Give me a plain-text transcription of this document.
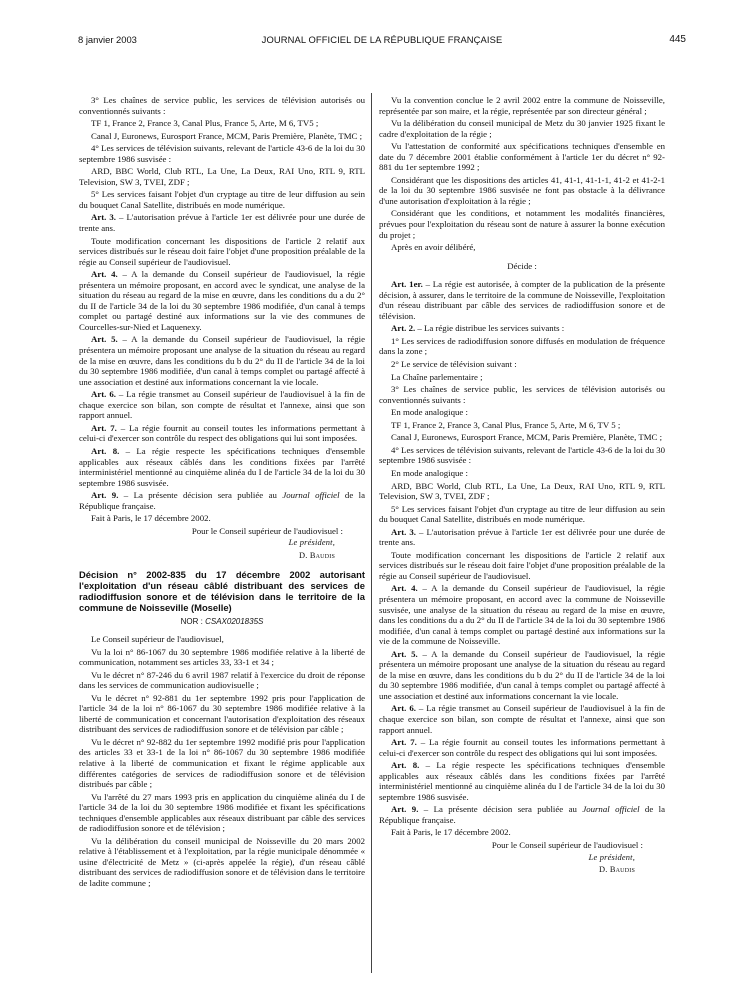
8 janvier 2003	JOURNAL OFFICIEL DE LA RÉPUBLIQUE FRANÇAISE	445

3° Les chaînes de service public, les services de télévision autorisés ou conventionnés suivants :

TF 1, France 2, France 3, Canal Plus, France 5, Arte, M 6, TV5 ;

Canal J, Euronews, Eurosport France, MCM, Paris Première, Planète, TMC ;

4° Les services de télévision suivants, relevant de l'article 43-6 de la loi du 30 septembre 1986 susvisée :

ARD, BBC World, Club RTL, La Une, La Deux, RAI Uno, RTL 9, RTL Television, SW 3, TVEI, ZDF ;

5° Les services faisant l'objet d'un cryptage au titre de leur diffusion au sein du bouquet Canal Satellite, distribués en mode numérique.

Art. 3. – L'autorisation prévue à l'article 1er est délivrée pour une durée de trente ans.

Toute modification concernant les dispositions de l'article 2 relatif aux services distribués sur le réseau doit faire l'objet d'une proposition préalable de la régie au Conseil supérieur de l'audiovisuel.

Art. 4. – A la demande du Conseil supérieur de l'audiovisuel, la régie présentera un mémoire proposant, en accord avec le syndicat, une analyse de la situation du réseau au regard de la mise en œuvre, dans les conditions du a du 2° du II de l'article 34 de la loi du 30 septembre 1986 modifiée, d'un canal à temps complet ou partagé destiné aux informations sur la vie des communes de Courcelles-sur-Nied et Laquenexy.

Art. 5. – A la demande du Conseil supérieur de l'audiovisuel, la régie présentera un mémoire proposant une analyse de la situation du réseau au regard de la mise en œuvre, dans les conditions du b du 2° du II de l'article 34 de la loi du 30 septembre 1986 modifiée, d'un canal à temps complet ou partagé affecté à une association et destiné aux informations concernant la vie locale.

Art. 6. – La régie transmet au Conseil supérieur de l'audiovisuel à la fin de chaque exercice son bilan, son compte de résultat et l'annexe, ainsi que son rapport annuel.

Art. 7. – La régie fournit au conseil toutes les informations permettant à celui-ci d'exercer son contrôle du respect des obligations qui lui sont imposées.

Art. 8. – La régie respecte les spécifications techniques d'ensemble applicables aux réseaux câblés dans les conditions fixées par l'arrêté interministériel mentionné au cinquième alinéa du I de l'article 34 de la loi du 30 septembre 1986 susvisée.

Art. 9. – La présente décision sera publiée au Journal officiel de la République française.

Fait à Paris, le 17 décembre 2002.

Pour le Conseil supérieur de l'audiovisuel :

Le président,

D. Baudis

Décision n° 2002-835 du 17 décembre 2002 autorisant l'exploitation d'un réseau câblé distribuant des services de radiodiffusion sonore et de télévision dans le territoire de la commune de Noisseville (Moselle)
NOR : CSAX0201835S

Le Conseil supérieur de l'audiovisuel,

Vu la loi n° 86-1067 du 30 septembre 1986 modifiée relative à la liberté de communication, notamment ses articles 33, 33-1 et 34 ;

Vu le décret n° 87-246 du 6 avril 1987 relatif à l'exercice du droit de réponse dans les services de communication audiovisuelle ;

Vu le décret n° 92-881 du 1er septembre 1992 pris pour l'application de l'article 34 de la loi n° 86-1067 du 30 septembre 1986 modifiée relative à la liberté de communication et concernant l'autorisation d'exploitation des réseaux distribuant des services de radiodiffusion sonore et de télévision par câble ;

Vu le décret n° 92-882 du 1er septembre 1992 modifié pris pour l'application des articles 33 et 33-1 de la loi n° 86-1067 du 30 septembre 1986 modifiée relative à la liberté de communication et fixant le régime applicable aux différentes catégories de services de radiodiffusion sonore et de télévision distribués par câble ;

Vu l'arrêté du 27 mars 1993 pris en application du cinquième alinéa du I de l'article 34 de la loi du 30 septembre 1986 modifiée et fixant les spécifications techniques d'ensemble applicables aux réseaux distribuant par câble des services de radiodiffusion sonore et de télévision ;

Vu la délibération du conseil municipal de Noisseville du 20 mars 2002 relative à l'établissement et à l'exploitation, par la régie municipale dénommée « usine d'électricité de Metz » (ci-après appelée la régie), d'un réseau câblé distribuant des services de radiodiffusion sonore et de télévision dans le territoire de ladite commune ;

Vu la convention conclue le 2 avril 2002 entre la commune de Noisseville, représentée par son maire, et la régie, représentée par son directeur général ;

Vu la délibération du conseil municipal de Metz du 30 janvier 1925 fixant le cadre d'exploitation de la régie ;

Vu l'attestation de conformité aux spécifications techniques d'ensemble en date du 7 décembre 2001 établie conformément à l'article 1er du décret n° 92-881 du 1er septembre 1992 ;

Considérant que les dispositions des articles 41, 41-1, 41-1-1, 41-2 et 41-2-1 de la loi du 30 septembre 1986 susvisée ne font pas obstacle à la délivrance d'une autorisation d'exploitation à la régie ;

Considérant que les conditions, et notamment les modalités financières, prévues pour l'exploitation du réseau sont de nature à assurer la bonne exécution du projet ;

Après en avoir délibéré,

Décide :

Art. 1er. – La régie est autorisée, à compter de la publication de la présente décision, à assurer, dans le territoire de la commune de Noisseville, l'exploitation d'un réseau distribuant par câble des services de radiodiffusion sonore et de télévision.

Art. 2. – La régie distribue les services suivants :

1° Les services de radiodiffusion sonore diffusés en modulation de fréquence dans la zone ;

2° Le service de télévision suivant :

La Chaîne parlementaire ;

3° Les chaînes de service public, les services de télévision autorisés ou conventionnés suivants :

En mode analogique :

TF 1, France 2, France 3, Canal Plus, France 5, Arte, M 6, TV 5 ;

Canal J, Euronews, Eurosport France, MCM, Paris Première, Planète, TMC ;

4° Les services de télévision suivants, relevant de l'article 43-6 de la loi du 30 septembre 1986 susvisée :

En mode analogique :

ARD, BBC World, Club RTL, La Une, La Deux, RAI Uno, RTL 9, RTL Television, SW 3, TVEI, ZDF ;

5° Les services faisant l'objet d'un cryptage au titre de leur diffusion au sein du bouquet Canal Satellite, distribués en mode numérique.

Art. 3. – L'autorisation prévue à l'article 1er est délivrée pour une durée de trente ans.

Toute modification concernant les dispositions de l'article 2 relatif aux services distribués sur le réseau doit faire l'objet d'une proposition préalable de la régie au Conseil supérieur de l'audiovisuel.

Art. 4. – A la demande du Conseil supérieur de l'audiovisuel, la régie présentera un mémoire proposant, en accord avec la commune de Noisseville susvisée, une analyse de la situation du réseau au regard de la mise en œuvre, dans les conditions du a du 2° du II de l'article 34 de la loi du 30 septembre 1986 modifiée, d'un canal à temps complet ou partagé destiné aux informations sur la vie de la commune de Noisseville.

Art. 5. – A la demande du Conseil supérieur de l'audiovisuel, la régie présentera un mémoire proposant une analyse de la situation du réseau au regard de la mise en œuvre, dans les conditions du b du 2° du II de l'article 34 de la loi du 30 septembre 1986 modifiée, d'un canal à temps complet ou partagé affecté à une association et destiné aux informations concernant la vie locale.

Art. 6. – La régie transmet au Conseil supérieur de l'audiovisuel à la fin de chaque exercice son bilan, son compte de résultat et l'annexe, ainsi que son rapport annuel.

Art. 7. – La régie fournit au conseil toutes les informations permettant à celui-ci d'exercer son contrôle du respect des obligations qui lui sont imposées.

Art. 8. – La régie respecte les spécifications techniques d'ensemble applicables aux réseaux câblés dans les conditions fixées par l'arrêté interministériel mentionné au cinquième alinéa du I de l'article 34 de la loi du 30 septembre 1986 susvisée.

Art. 9. – La présente décision sera publiée au Journal officiel de la République française.

Fait à Paris, le 17 décembre 2002.

Pour le Conseil supérieur de l'audiovisuel :

Le président,

D. Baudis
